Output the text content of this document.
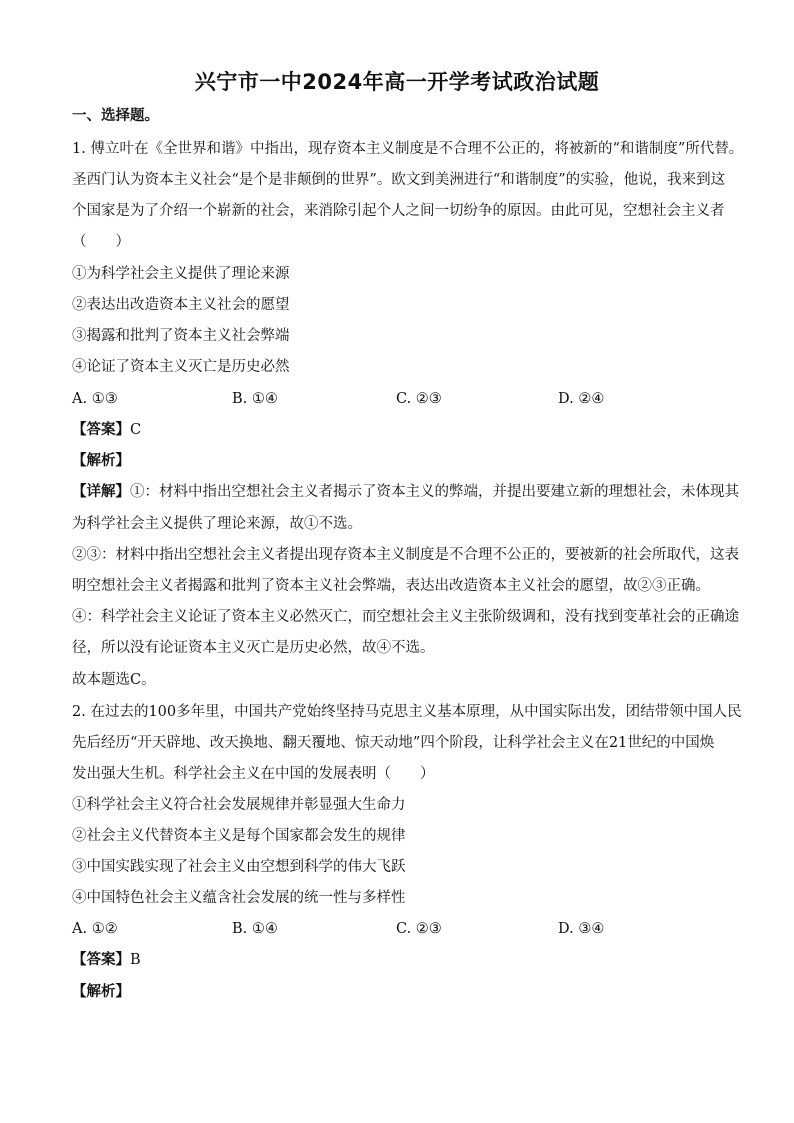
兴宁市一中2024年高一开学考试政治试题
一、选择题。
1. 傅立叶在《全世界和谐》中指出，现存资本主义制度是不合理不公正的，将被新的“和谐制度”所代替。
圣西门认为资本主义社会“是个是非颠倒的世界”。欧文到美洲进行“和谐制度”的实验，他说，我来到这
个国家是为了介绍一个崭新的社会，来消除引起个人之间一切纷争的原因。由此可见，空想社会主义者
（　　）
①为科学社会主义提供了理论来源
②表达出改造资本主义社会的愿望
③揭露和批判了资本主义社会弊端
④论证了资本主义灭亡是历史必然
A. ①③	B. ①④	C. ②③	D. ②④
【答案】C
【解析】
【详解】①：材料中指出空想社会主义者揭示了资本主义的弊端，并提出要建立新的理想社会，未体现其
为科学社会主义提供了理论来源，故①不选。
②③：材料中指出空想社会主义者提出现存资本主义制度是不合理不公正的，要被新的社会所取代，这表
明空想社会主义者揭露和批判了资本主义社会弊端，表达出改造资本主义社会的愿望，故②③正确。
④：科学社会主义论证了资本主义必然灭亡，而空想社会主义主张阶级调和，没有找到变革社会的正确途
径，所以没有论证资本主义灭亡是历史必然，故④不选。
故本题选C。
2. 在过去的100多年里，中国共产党始终坚持马克思主义基本原理，从中国实际出发，团结带领中国人民
先后经历“开天辟地、改天换地、翻天覆地、惊天动地”四个阶段，让科学社会主义在21世纪的中国焕
发出强大生机。科学社会主义在中国的发展表明（　　）
①科学社会主义符合社会发展规律并彰显强大生命力
②社会主义代替资本主义是每个国家都会发生的规律
③中国实践实现了社会主义由空想到科学的伟大飞跃
④中国特色社会主义蕴含社会发展的统一性与多样性
A. ①②	B. ①④	C. ②③	D. ③④
【答案】B
【解析】
